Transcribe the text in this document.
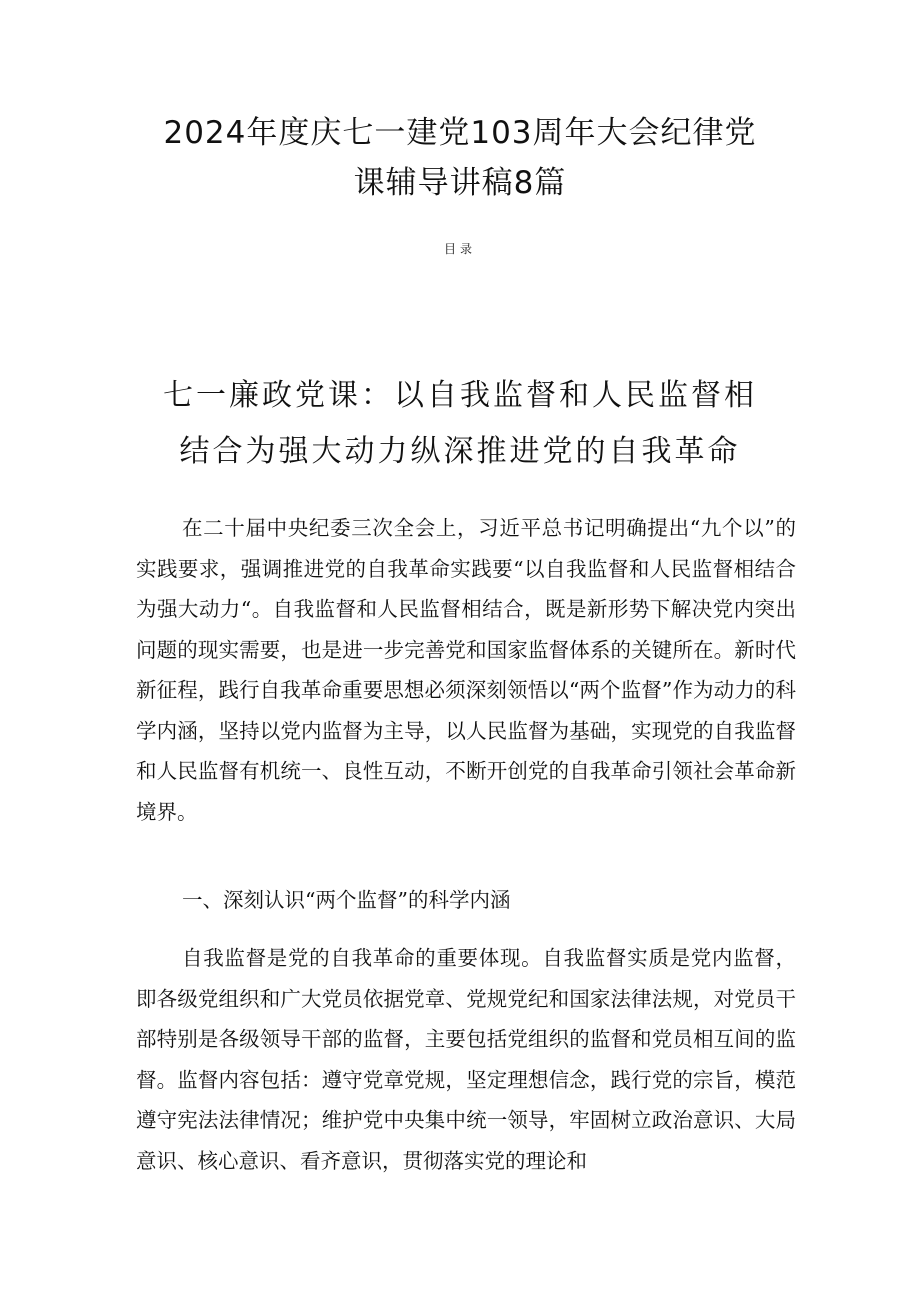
2024年度庆七一建党103周年大会纪律党
课辅导讲稿8篇

目录

七一廉政党课：以自我监督和人民监督相
结合为强大动力纵深推进党的自我革命

在二十届中央纪委三次全会上，习近平总书记明确提出“九个以”的实践要求，强调推进党的自我革命实践要“以自我监督和人民监督相结合为强大动力“。自我监督和人民监督相结合，既是新形势下解决党内突出问题的现实需要，也是进一步完善党和国家监督体系的关键所在。新时代新征程，践行自我革命重要思想必须深刻领悟以“两个监督”作为动力的科学内涵，坚持以党内监督为主导，以人民监督为基础，实现党的自我监督和人民监督有机统一、良性互动，不断开创党的自我革命引领社会革命新境界。

一、深刻认识“两个监督”的科学内涵

自我监督是党的自我革命的重要体现。自我监督实质是党内监督，即各级党组织和广大党员依据党章、党规党纪和国家法律法规，对党员干部特别是各级领导干部的监督，主要包括党组织的监督和党员相互间的监督。监督内容包括：遵守党章党规，坚定理想信念，践行党的宗旨，模范遵守宪法法律情况；维护党中央集中统一领导，牢固树立政治意识、大局意识、核心意识、看齐意识，贯彻落实党的理论和
